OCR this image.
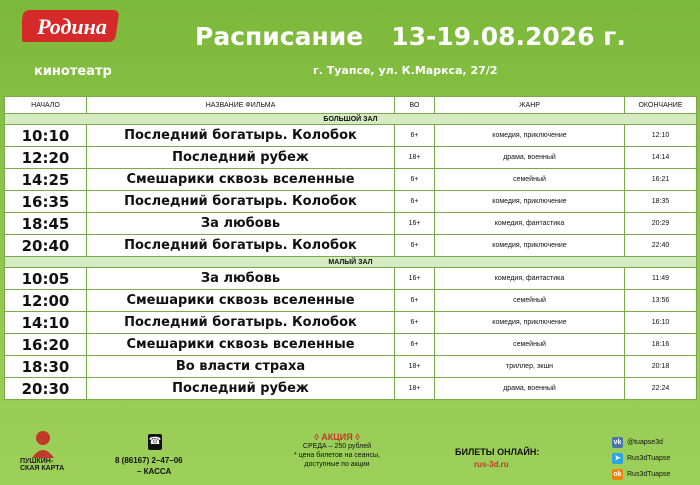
Родина
кинотеатр
Расписание 13-19.08.2026 г.
г. Туапсе, ул. К.Маркса, 27/2
НАЧАЛО	НАЗВАНИЕ ФИЛЬМА	ВО	ЖАНР	ОКОНЧАНИЕ
БОЛЬШОЙ ЗАЛ				
10:10	Последний богатырь. Колобок	6+	комедия, приключение	12:10
12:20	Последний рубеж	18+	драма, военный	14:14
14:25	Смешарики сквозь вселенные	6+	семейный	16:21
16:35	Последний богатырь. Колобок	6+	комедия, приключение	18:35
18:45	За любовь	16+	комедия, фантастика	20:29
20:40	Последний богатырь. Колобок	6+	комедия, приключение	22:40
МАЛЫЙ ЗАЛ				
10:05	За любовь	16+	комедия, фантастика	11:49
12:00	Смешарики сквозь вселенные	6+	семейный	13:56
14:10	Последний богатырь. Колобок	6+	комедия, приключение	16:10
16:20	Смешарики сквозь вселенные	6+	семейный	18:16
18:30	Во власти страха	18+	триллер, экшн	20:18
20:30	Последний рубеж	18+	драма, военный	22:24
ПУШКИН-СКАЯ КАРТА
☎
8 (86167) 2–47–06
– КАССА
◊ АКЦИЯ ◊
СРЕДА – 250 рублей
* цена билетов на сеансы,
доступные по акции
БИЛЕТЫ ОНЛАЙН:
rus-3d.ru
vk @tuapse3d
➤ Rus3dTuapse
ok Rus3dTuapse
